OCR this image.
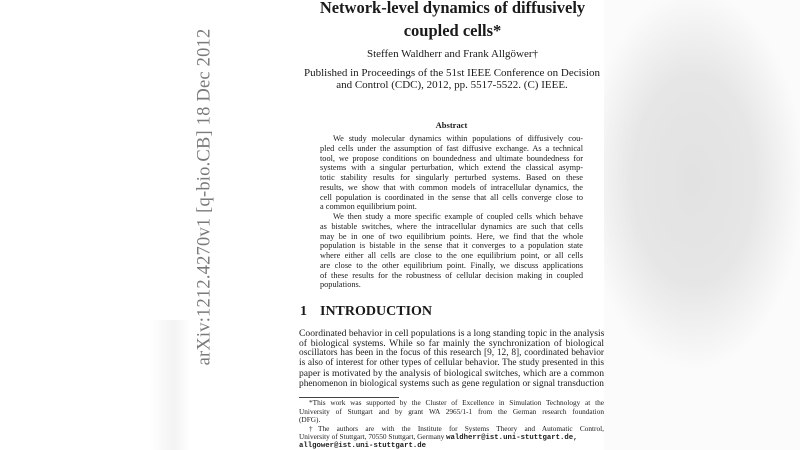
arXiv:1212.4270v1 [q-bio.CB] 18 Dec 2012
Network-level dynamics of diffusively
coupled cells*
Steffen Waldherr and Frank Allgöwer†
Published in Proceedings of the 51st IEEE Conference on Decision
and Control (CDC), 2012, pp. 5517-5522. (C) IEEE.
Abstract
1 INTRODUCTION
allgower@ist.uni-stuttgart.de
We study molecular dynamics within populations of diffusively cou-
pled cells under the assumption of fast diffusive exchange. As a technical
tool, we propose conditions on boundedness and ultimate boundedness for
systems with a singular perturbation, which extend the classical asymp-
totic stability results for singularly perturbed systems. Based on these
results, we show that with common models of intracellular dynamics, the
cell population is coordinated in the sense that all cells converge close to
a common equilibrium point.
We then study a more specific example of coupled cells which behave
as bistable switches, where the intracellular dynamics are such that cells
may be in one of two equilibrium points. Here, we find that the whole
population is bistable in the sense that it converges to a population state
where either all cells are close to the one equilibrium point, or all cells
are close to the other equilibrium point. Finally, we discuss applications
of these results for the robustness of cellular decision making in coupled
populations.
Coordinated behavior in cell populations is a long standing topic in the analysis
of biological systems. While so far mainly the synchronization of biological
oscillators has been in the focus of this research [9, 12, 8], coordinated behavior
is also of interest for other types of cellular behavior. The study presented in this
paper is motivated by the analysis of biological switches, which are a common
phenomenon in biological systems such as gene regulation or signal transduction
*This work was supported by the Cluster of Excellence in Simulation Technology at the
University of Stuttgart and by grant WA 2965/1-1 from the German research foundation
(DFG).
†The authors are with the Institute for Systems Theory and Automatic Control,
University of Stuttgart, 70550 Stuttgart, Germany waldherr@ist.uni-stuttgart.de,
